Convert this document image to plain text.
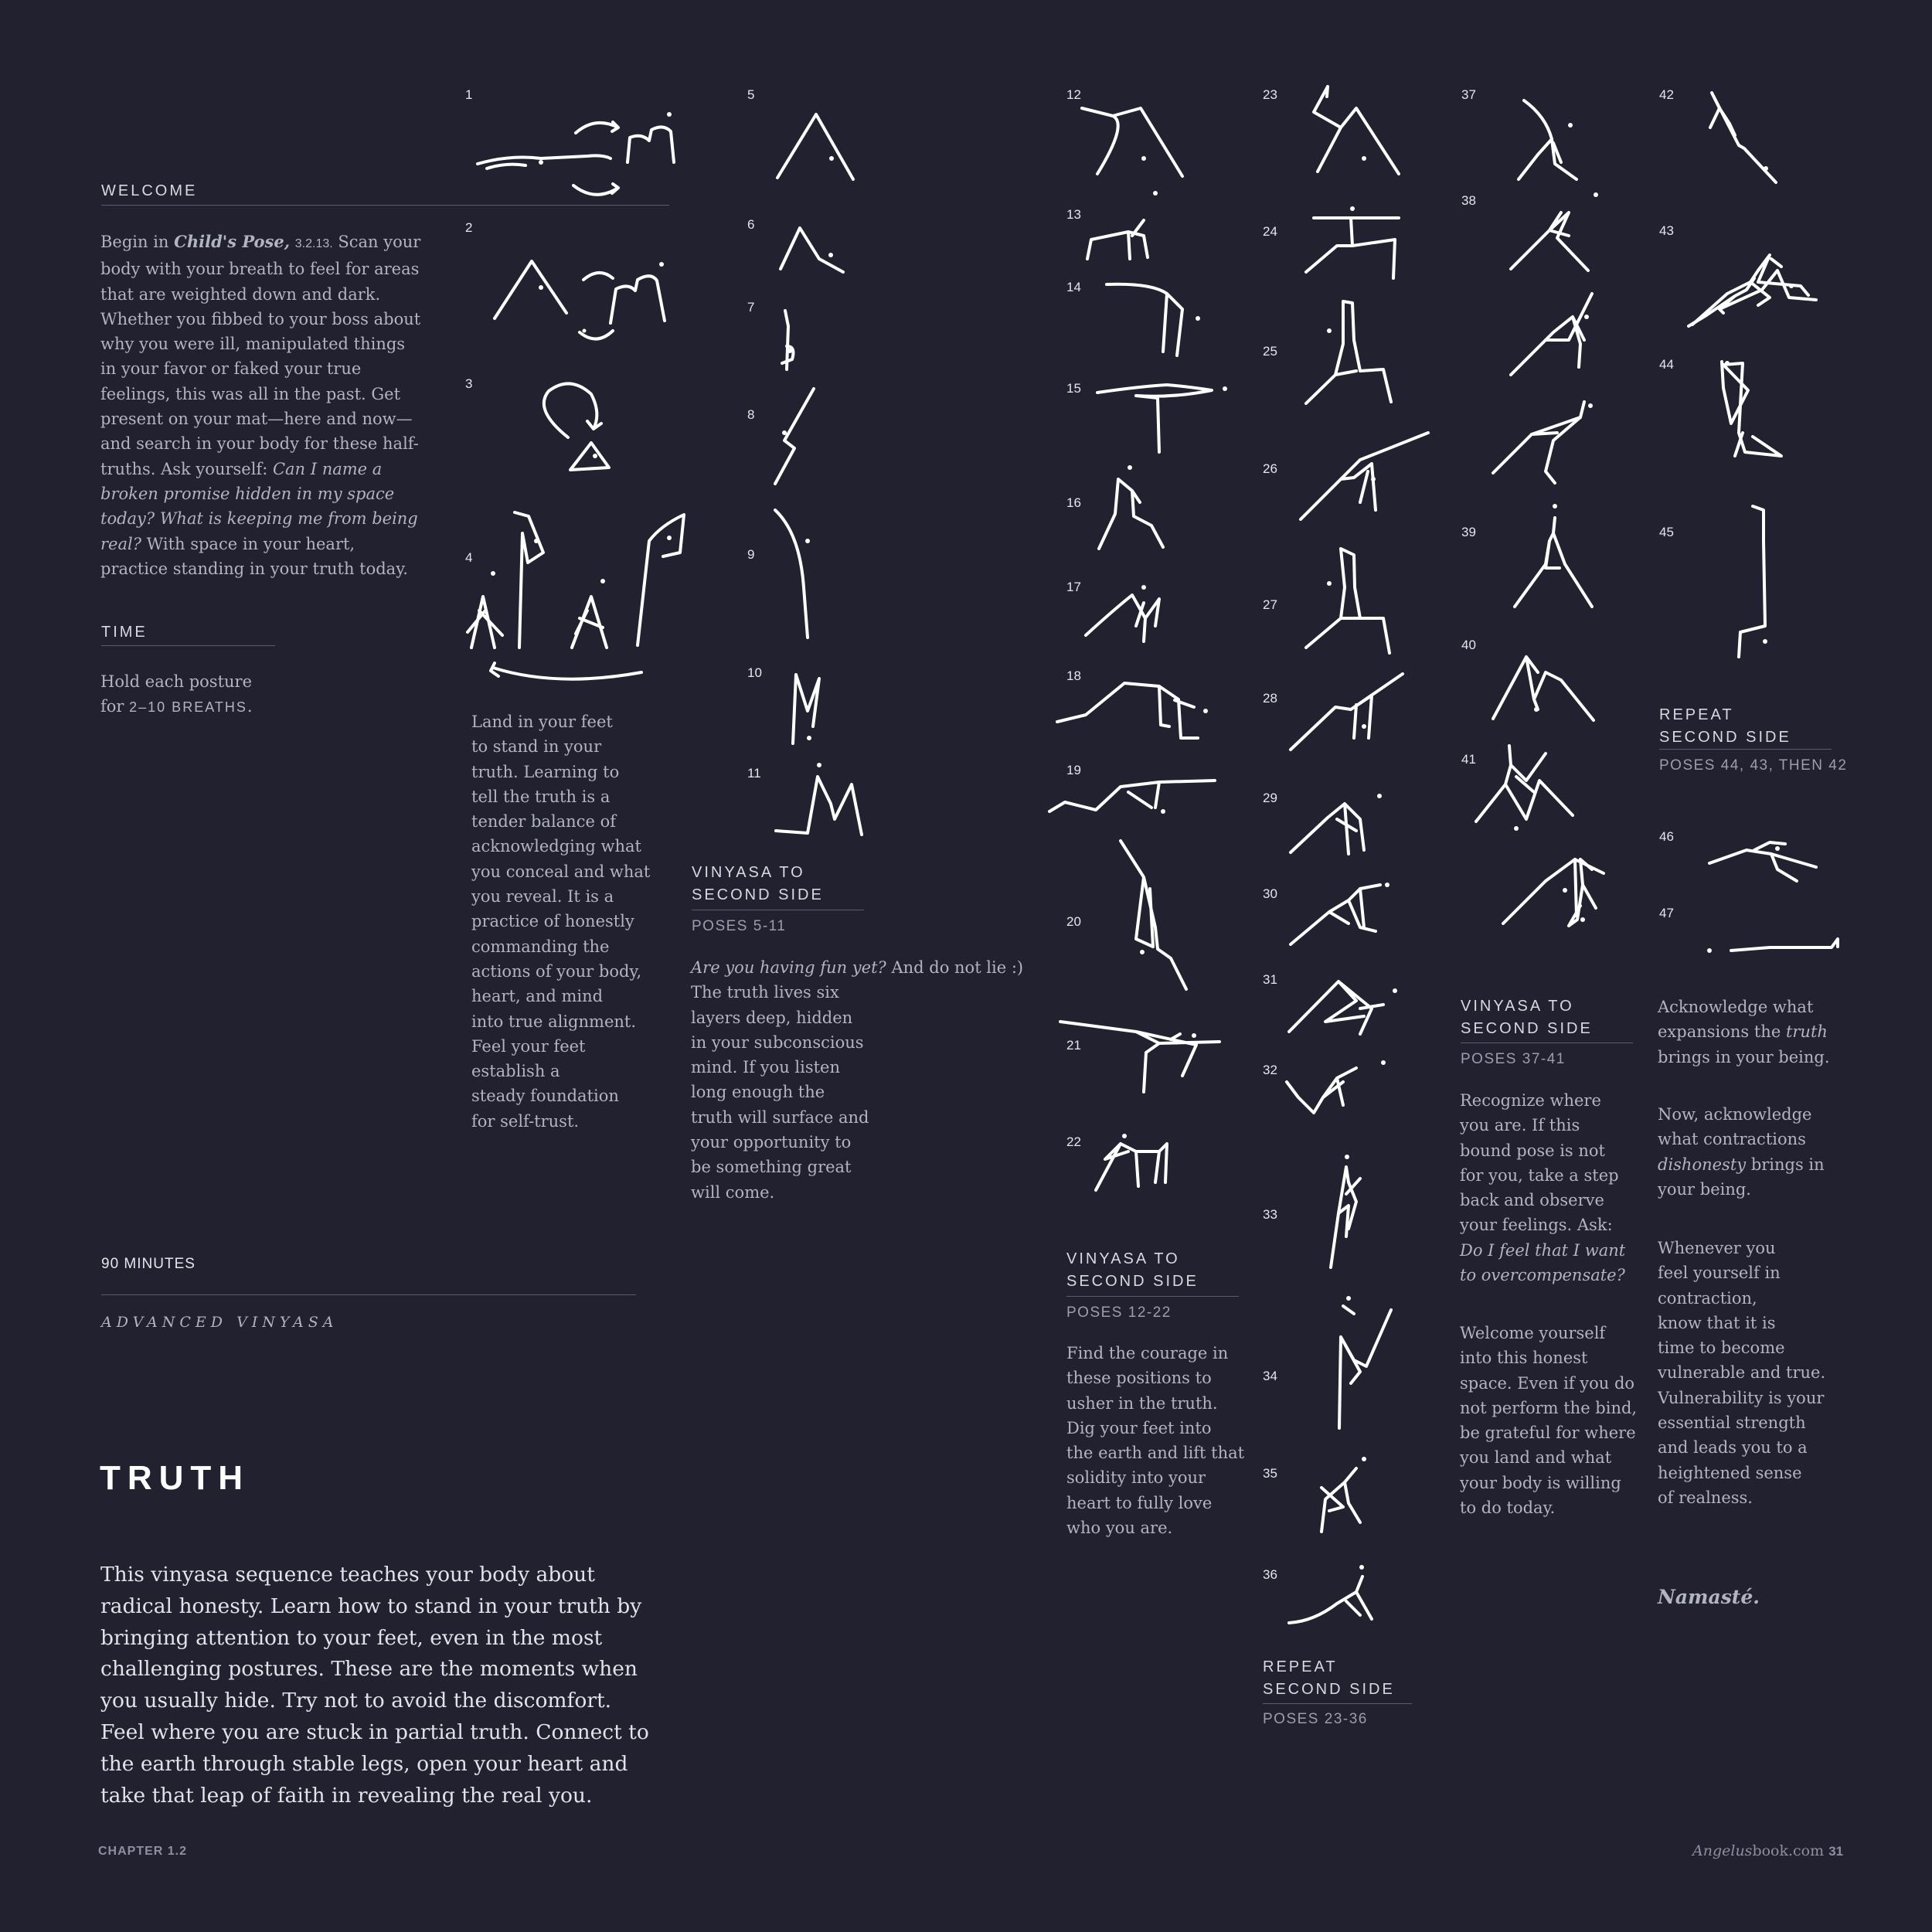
WELCOME
Begin in Child's Pose, 3.2.13. Scan your body with your breath to feel for areas that are weighted down and dark. Whether you fibbed to your boss about why you were ill, manipulated things in your favor or faked your true feelings, this was all in the past. Get present on your mat—here and now—and search in your body for these half-truths. Ask yourself: Can I name a broken promise hidden in my space today? What is keeping me from being real? With space in your heart, practice standing in your truth today.
TIME
Hold each posture
for 2–10 BREATHS.
90 MINUTES
ADVANCED VINYASA
TRUTH
This vinyasa sequence teaches your body about radical honesty. Learn how to stand in your truth by bringing attention to your feet, even in the most challenging postures. These are the moments when you usually hide. Try not to avoid the discomfort. Feel where you are stuck in partial truth. Connect to the earth through stable legs, open your heart and take that leap of faith in revealing the real you.
CHAPTER 1.2	Angelusbook.com 31
1
2
3
4
5
6
7
8
9
10
11
12
13
14
15
16
17
18
19
20
21
22
23
24
25
26
27
28
29
30
31
32
33
34
35
36
37
38
39
40
41
42
43
44
45
46
47
Land in your feet
to stand in your
truth. Learning to
tell the truth is a
tender balance of
acknowledging what
you conceal and what
you reveal. It is a
practice of honestly
commanding the
actions of your body,
heart, and mind
into true alignment.
Feel your feet
establish a
steady foundation
for self-trust.
VINYASA TO
SECOND SIDE
POSES 5-11
Are you having fun yet? And do not lie :)
The truth lives six
layers deep, hidden
in your subconscious
mind. If you listen
long enough the
truth will surface and
your opportunity to
be something great
will come.
VINYASA TO
SECOND SIDE
POSES 12-22
Find the courage in
these positions to
usher in the truth.
Dig your feet into
the earth and lift that
solidity into your
heart to fully love
who you are.
REPEAT
SECOND SIDE
POSES 23-36
VINYASA TO
SECOND SIDE
POSES 37-41
Recognize where
you are. If this
bound pose is not
for you, take a step
back and observe
your feelings. Ask:
Do I feel that I want
to overcompensate?
Welcome yourself
into this honest
space. Even if you do
not perform the bind,
be grateful for where
you land and what
your body is willing
to do today.
REPEAT
SECOND SIDE
POSES 44, 43, THEN 42
Acknowledge what
expansions the truth
brings in your being.
Now, acknowledge
what contractions
dishonesty brings in
your being.
Whenever you
feel yourself in
contraction,
know that it is
time to become
vulnerable and true.
Vulnerability is your
essential strength
and leads you to a
heightened sense
of realness.
Namasté.
